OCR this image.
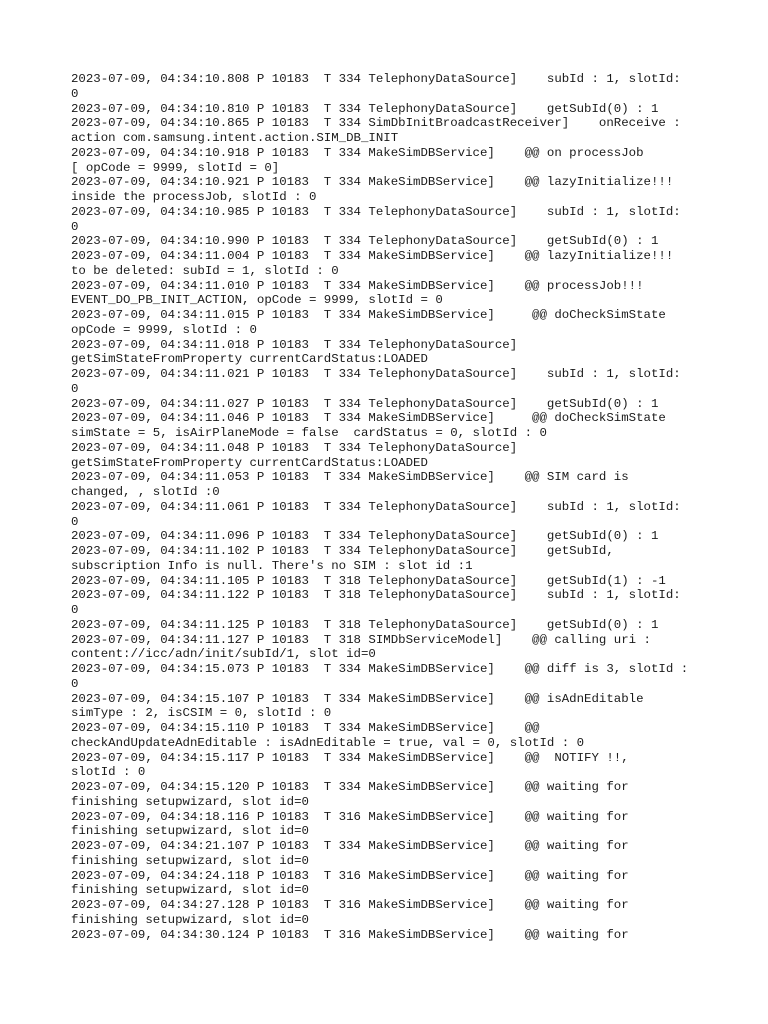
2023-07-09, 04:34:10.808 P 10183  T 334 TelephonyDataSource]    subId : 1, slotId:
0
2023-07-09, 04:34:10.810 P 10183  T 334 TelephonyDataSource]    getSubId(0) : 1
2023-07-09, 04:34:10.865 P 10183  T 334 SimDbInitBroadcastReceiver]    onReceive :
action com.samsung.intent.action.SIM_DB_INIT
2023-07-09, 04:34:10.918 P 10183  T 334 MakeSimDBService]    @@ on processJob
[ opCode = 9999, slotId = 0]
2023-07-09, 04:34:10.921 P 10183  T 334 MakeSimDBService]    @@ lazyInitialize!!!
inside the processJob, slotId : 0
2023-07-09, 04:34:10.985 P 10183  T 334 TelephonyDataSource]    subId : 1, slotId:
0
2023-07-09, 04:34:10.990 P 10183  T 334 TelephonyDataSource]    getSubId(0) : 1
2023-07-09, 04:34:11.004 P 10183  T 334 MakeSimDBService]    @@ lazyInitialize!!!
to be deleted: subId = 1, slotId : 0
2023-07-09, 04:34:11.010 P 10183  T 334 MakeSimDBService]    @@ processJob!!!
EVENT_DO_PB_INIT_ACTION, opCode = 9999, slotId = 0
2023-07-09, 04:34:11.015 P 10183  T 334 MakeSimDBService]     @@ doCheckSimState
opCode = 9999, slotId : 0
2023-07-09, 04:34:11.018 P 10183  T 334 TelephonyDataSource]
getSimStateFromProperty currentCardStatus:LOADED
2023-07-09, 04:34:11.021 P 10183  T 334 TelephonyDataSource]    subId : 1, slotId:
0
2023-07-09, 04:34:11.027 P 10183  T 334 TelephonyDataSource]    getSubId(0) : 1
2023-07-09, 04:34:11.046 P 10183  T 334 MakeSimDBService]     @@ doCheckSimState
simState = 5, isAirPlaneMode = false  cardStatus = 0, slotId : 0
2023-07-09, 04:34:11.048 P 10183  T 334 TelephonyDataSource]
getSimStateFromProperty currentCardStatus:LOADED
2023-07-09, 04:34:11.053 P 10183  T 334 MakeSimDBService]    @@ SIM card is
changed, , slotId :0
2023-07-09, 04:34:11.061 P 10183  T 334 TelephonyDataSource]    subId : 1, slotId:
0
2023-07-09, 04:34:11.096 P 10183  T 334 TelephonyDataSource]    getSubId(0) : 1
2023-07-09, 04:34:11.102 P 10183  T 334 TelephonyDataSource]    getSubId,
subscription Info is null. There's no SIM : slot id :1
2023-07-09, 04:34:11.105 P 10183  T 318 TelephonyDataSource]    getSubId(1) : -1
2023-07-09, 04:34:11.122 P 10183  T 318 TelephonyDataSource]    subId : 1, slotId:
0
2023-07-09, 04:34:11.125 P 10183  T 318 TelephonyDataSource]    getSubId(0) : 1
2023-07-09, 04:34:11.127 P 10183  T 318 SIMDbServiceModel]    @@ calling uri :
content://icc/adn/init/subId/1, slot id=0
2023-07-09, 04:34:15.073 P 10183  T 334 MakeSimDBService]    @@ diff is 3, slotId :
0
2023-07-09, 04:34:15.107 P 10183  T 334 MakeSimDBService]    @@ isAdnEditable
simType : 2, isCSIM = 0, slotId : 0
2023-07-09, 04:34:15.110 P 10183  T 334 MakeSimDBService]    @@
checkAndUpdateAdnEditable : isAdnEditable = true, val = 0, slotId : 0
2023-07-09, 04:34:15.117 P 10183  T 334 MakeSimDBService]    @@  NOTIFY !!,
slotId : 0
2023-07-09, 04:34:15.120 P 10183  T 334 MakeSimDBService]    @@ waiting for
finishing setupwizard, slot id=0
2023-07-09, 04:34:18.116 P 10183  T 316 MakeSimDBService]    @@ waiting for
finishing setupwizard, slot id=0
2023-07-09, 04:34:21.107 P 10183  T 334 MakeSimDBService]    @@ waiting for
finishing setupwizard, slot id=0
2023-07-09, 04:34:24.118 P 10183  T 316 MakeSimDBService]    @@ waiting for
finishing setupwizard, slot id=0
2023-07-09, 04:34:27.128 P 10183  T 316 MakeSimDBService]    @@ waiting for
finishing setupwizard, slot id=0
2023-07-09, 04:34:30.124 P 10183  T 316 MakeSimDBService]    @@ waiting for
